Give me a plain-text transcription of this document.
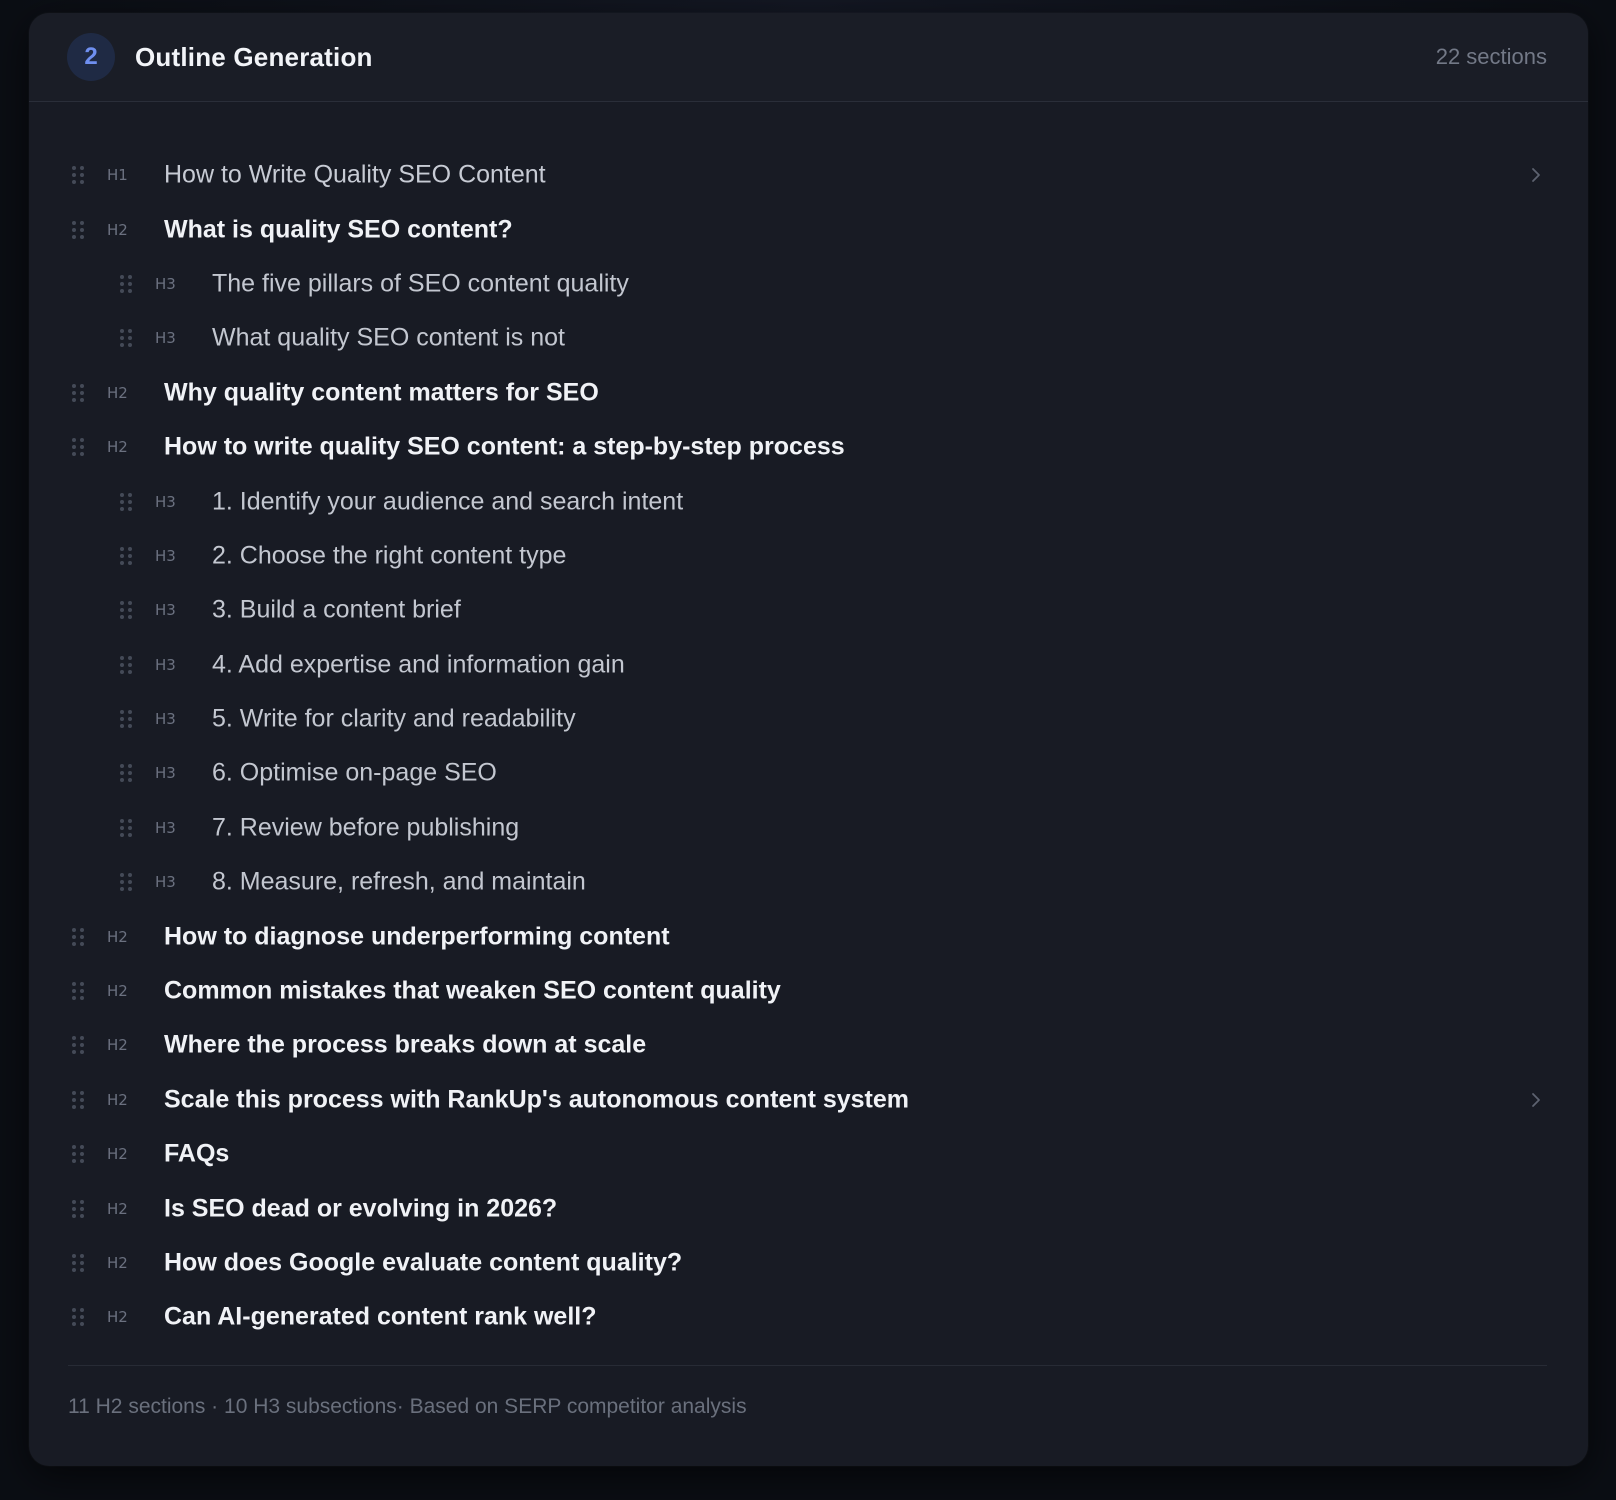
2	Outline Generation	22 sections
H1 How to Write Quality SEO Content
H2 What is quality SEO content?
H3 The five pillars of SEO content quality
H3 What quality SEO content is not
H2 Why quality content matters for SEO
H2 How to write quality SEO content: a step-by-step process
H3 1. Identify your audience and search intent
H3 2. Choose the right content type
H3 3. Build a content brief
H3 4. Add expertise and information gain
H3 5. Write for clarity and readability
H3 6. Optimise on-page SEO
H3 7. Review before publishing
H3 8. Measure, refresh, and maintain
H2 How to diagnose underperforming content
H2 Common mistakes that weaken SEO content quality
H2 Where the process breaks down at scale
H2 Scale this process with RankUp's autonomous content system
H2 FAQs
H2 Is SEO dead or evolving in 2026?
H2 How does Google evaluate content quality?
H2 Can AI-generated content rank well?
11 H2 sections · 10 H3 subsections· Based on SERP competitor analysis
